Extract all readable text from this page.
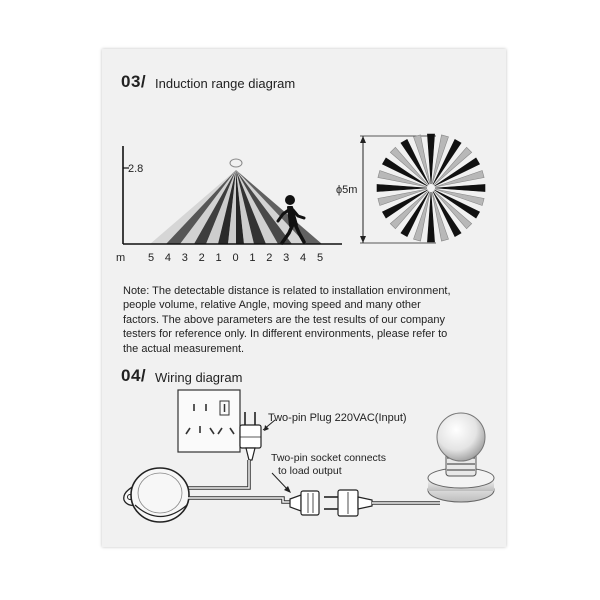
03/ Induction range diagram
2.8
m 5 4 3 2 1 0 1 2 3 4 5
ϕ5m
Note: The detectable distance is related to installation environment,
people volume, relative Angle, moving speed and many other
factors. The above parameters are the test results of our company
testers for reference only. In different environments, please refer to
the actual measurement.
04/ Wiring diagram
Two-pin Plug 220VAC(Input)
Two-pin socket connects
to load output
